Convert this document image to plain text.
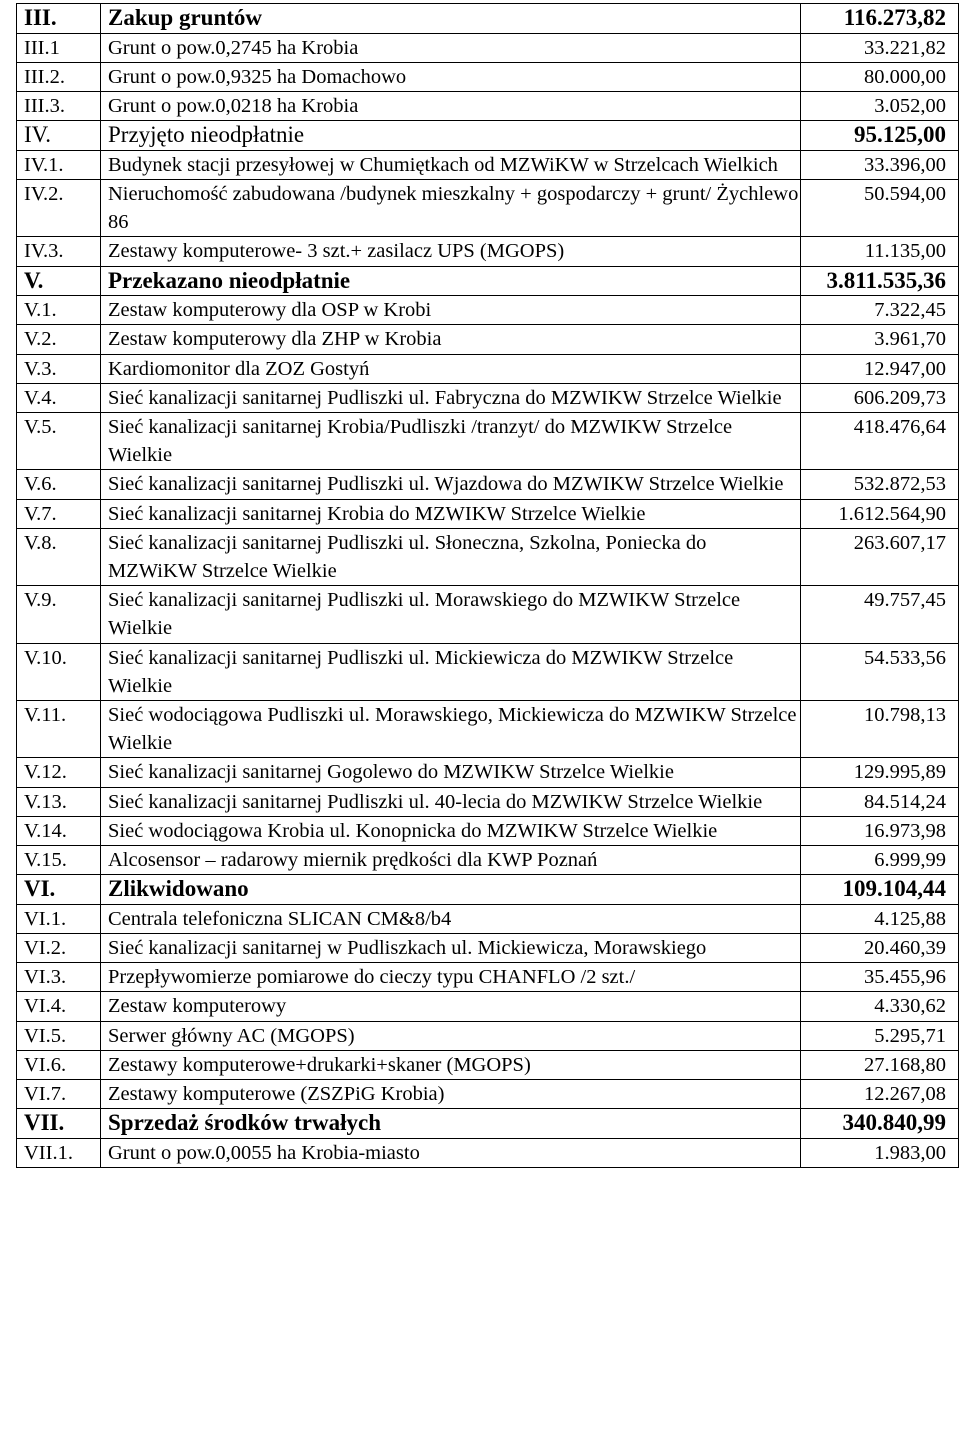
III.	Zakup gruntów	116.273,82
III.1	Grunt o pow.0,2745 ha Krobia	33.221,82
III.2.	Grunt o pow.0,9325 ha Domachowo	80.000,00
III.3.	Grunt o pow.0,0218 ha Krobia	3.052,00
IV.	Przyjęto nieodpłatnie	95.125,00
IV.1.	Budynek stacji przesyłowej w Chumiętkach od MZWiKW w Strzelcach Wielkich	33.396,00
IV.2.	Nieruchomość zabudowana /budynek mieszkalny + gospodarczy + grunt/ Żychlewo 86	50.594,00
IV.3.	Zestawy komputerowe- 3 szt.+ zasilacz UPS (MGOPS)	11.135,00
V.	Przekazano nieodpłatnie	3.811.535,36
V.1.	Zestaw komputerowy dla OSP w Krobi	7.322,45
V.2.	Zestaw komputerowy dla ZHP w Krobia	3.961,70
V.3.	Kardiomonitor dla ZOZ Gostyń	12.947,00
V.4.	Sieć kanalizacji sanitarnej Pudliszki ul. Fabryczna do MZWIKW Strzelce Wielkie	606.209,73
V.5.	Sieć kanalizacji sanitarnej Krobia/Pudliszki /tranzyt/ do MZWIKW Strzelce Wielkie	418.476,64
V.6.	Sieć kanalizacji sanitarnej Pudliszki ul. Wjazdowa do MZWIKW Strzelce Wielkie	532.872,53
V.7.	Sieć kanalizacji sanitarnej Krobia do MZWIKW Strzelce Wielkie	1.612.564,90
V.8.	Sieć kanalizacji sanitarnej Pudliszki ul. Słoneczna, Szkolna, Poniecka do MZWiKW Strzelce Wielkie	263.607,17
V.9.	Sieć kanalizacji sanitarnej Pudliszki ul. Morawskiego do MZWIKW Strzelce Wielkie	49.757,45
V.10.	Sieć kanalizacji sanitarnej Pudliszki ul. Mickiewicza do MZWIKW Strzelce Wielkie	54.533,56
V.11.	Sieć wodociągowa Pudliszki ul. Morawskiego, Mickiewicza do MZWIKW Strzelce Wielkie	10.798,13
V.12.	Sieć kanalizacji sanitarnej Gogolewo do MZWIKW Strzelce Wielkie	129.995,89
V.13.	Sieć kanalizacji sanitarnej Pudliszki ul. 40-lecia do MZWIKW Strzelce Wielkie	84.514,24
V.14.	Sieć wodociągowa Krobia ul. Konopnicka do MZWIKW Strzelce Wielkie	16.973,98
V.15.	Alcosensor – radarowy miernik prędkości dla KWP Poznań	6.999,99
VI.	Zlikwidowano	109.104,44
VI.1.	Centrala telefoniczna SLICAN CM&8/b4	4.125,88
VI.2.	Sieć kanalizacji sanitarnej w Pudliszkach ul. Mickiewicza, Morawskiego	20.460,39
VI.3.	Przepływomierze pomiarowe do cieczy typu CHANFLO /2 szt./	35.455,96
VI.4.	Zestaw komputerowy	4.330,62
VI.5.	Serwer główny AC (MGOPS)	5.295,71
VI.6.	Zestawy komputerowe+drukarki+skaner (MGOPS)	27.168,80
VI.7.	Zestawy komputerowe (ZSZPiG Krobia)	12.267,08
VII.	Sprzedaż środków trwałych	340.840,99
VII.1.	Grunt o pow.0,0055 ha Krobia-miasto	1.983,00
